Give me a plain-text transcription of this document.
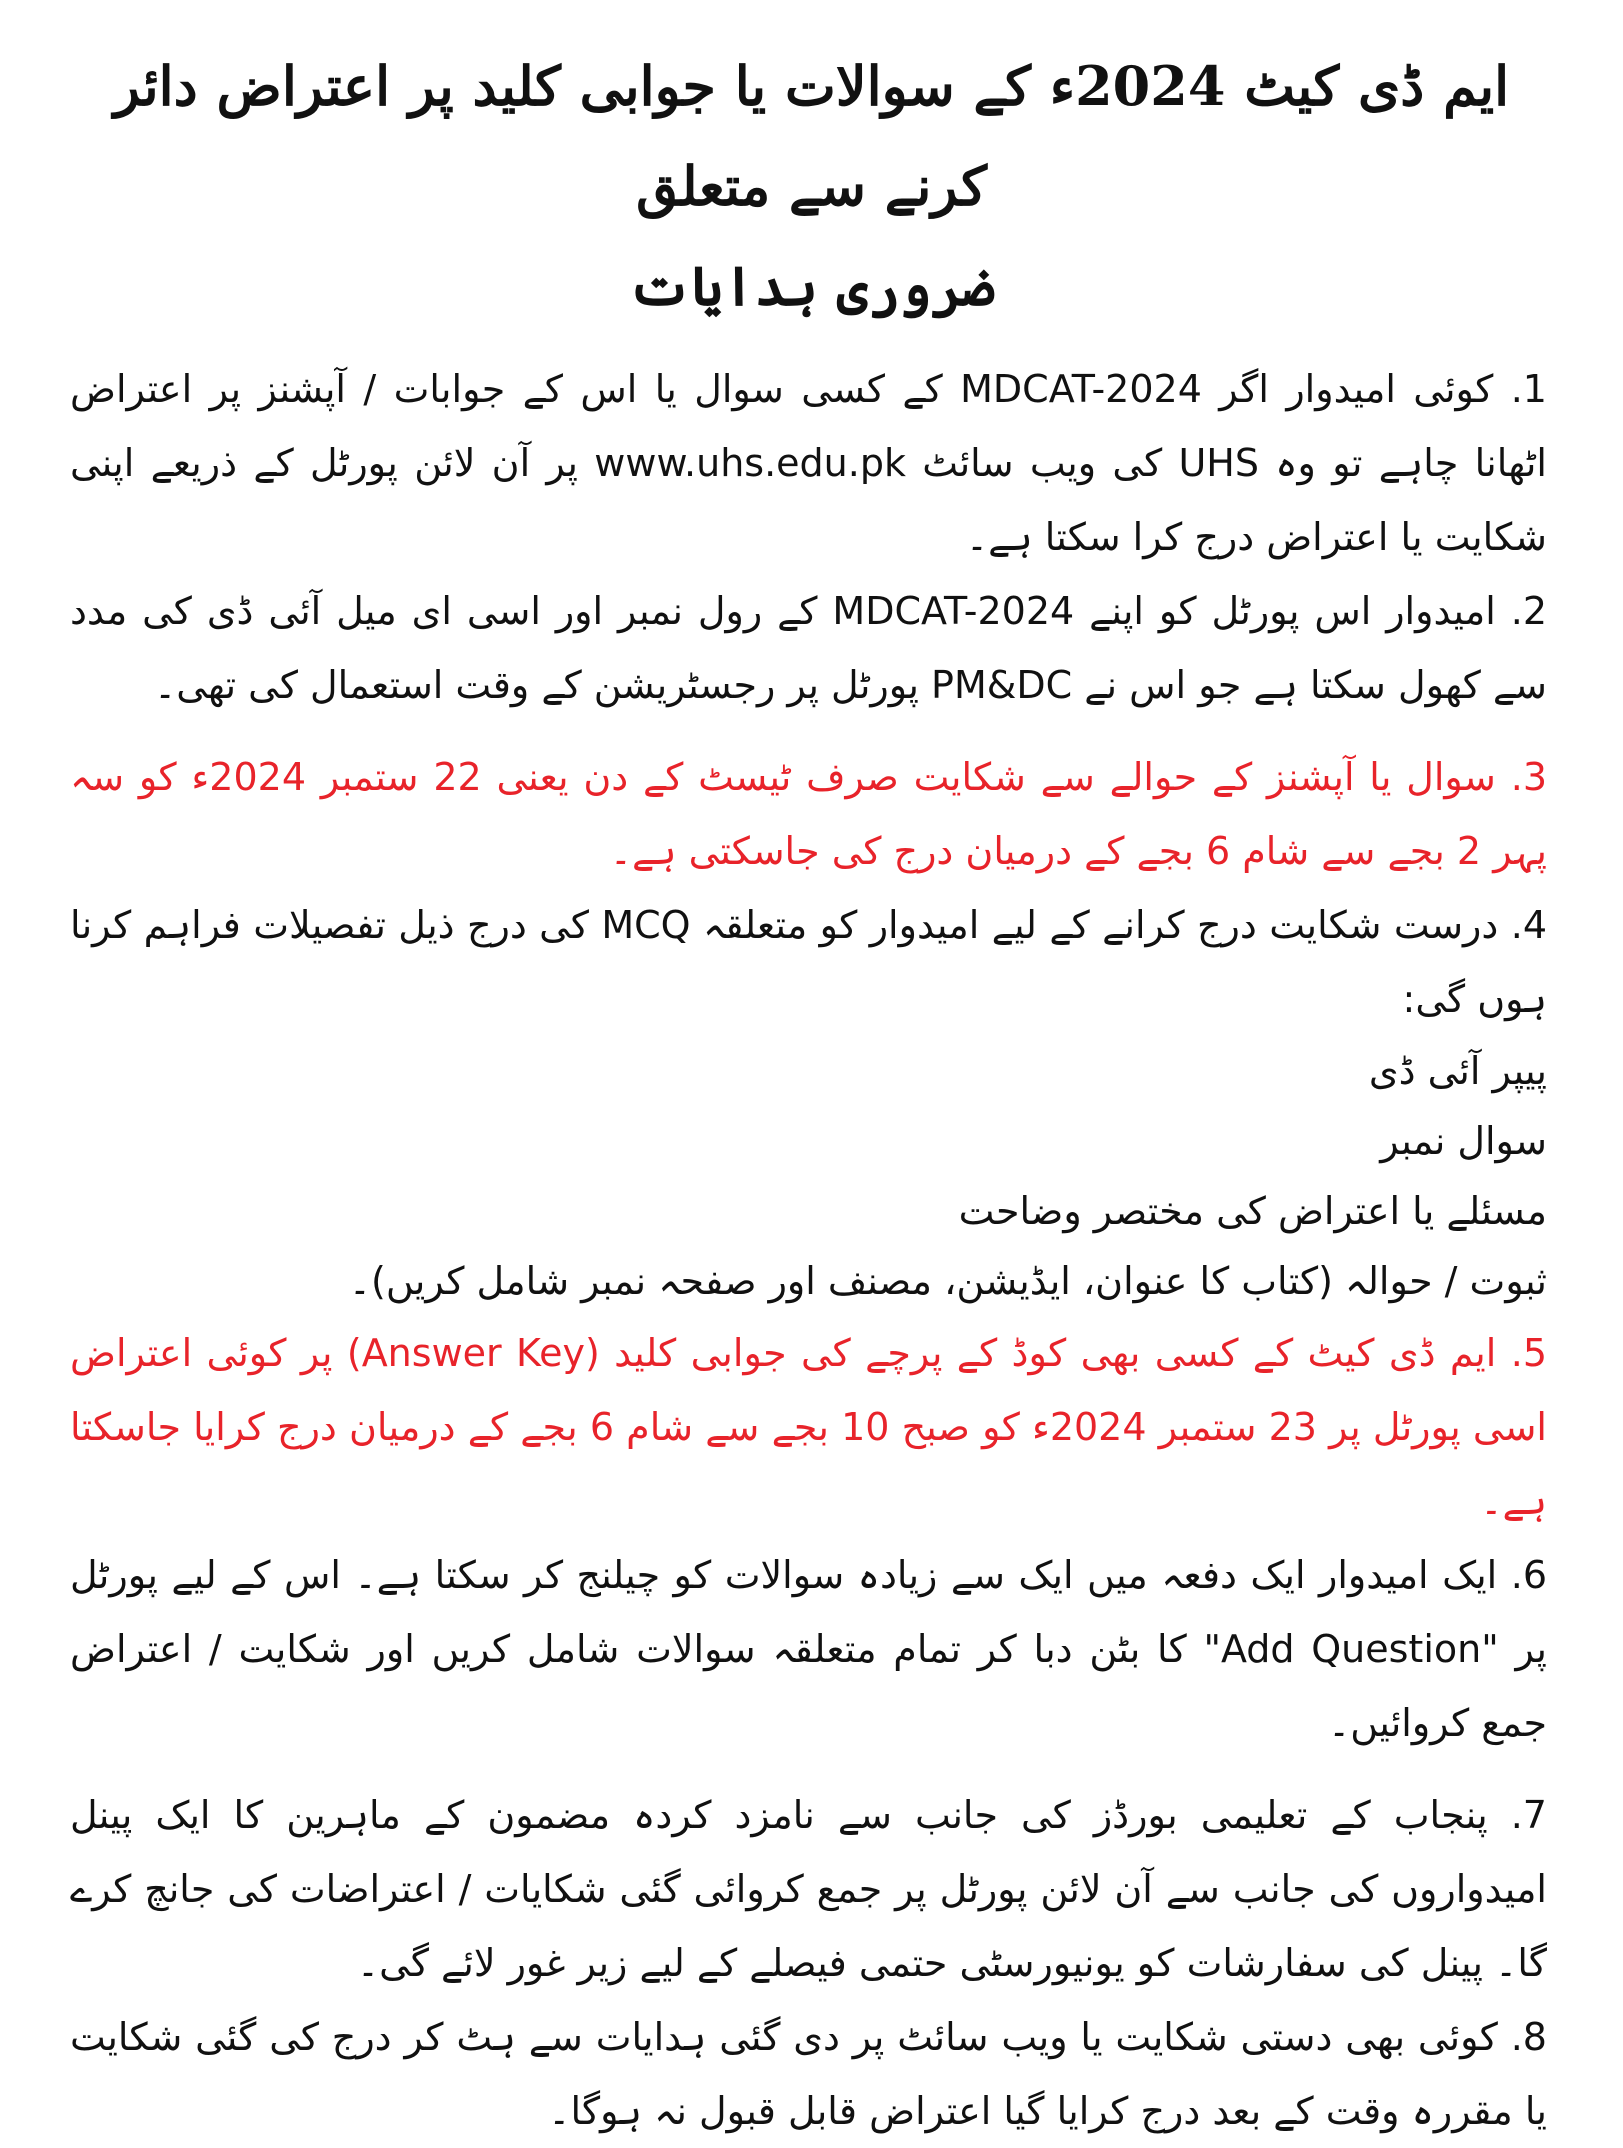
ایم ڈی کیٹ 2024ء کے سوالات یا جوابی کلید پر اعتراض دائر کرنے سے متعلق
ضروری ہدایات

1. کوئی امیدوار اگر MDCAT-2024 کے کسی سوال یا اس کے جوابات / آپشنز پر اعتراض اٹھانا چاہے تو وہ UHS کی ویب سائٹ www.uhs.edu.pk پر آن لائن پورٹل کے ذریعے اپنی شکایت یا اعتراض درج کرا سکتا ہے۔

2. امیدوار اس پورٹل کو اپنے MDCAT-2024 کے رول نمبر اور اسی ای میل آئی ڈی کی مدد سے کھول سکتا ہے جو اس نے PM&DC پورٹل پر رجسٹریشن کے وقت استعمال کی تھی۔

3. سوال یا آپشنز کے حوالے سے شکایت صرف ٹیسٹ کے دن یعنی 22 ستمبر 2024ء کو سہ پہر 2 بجے سے شام 6 بجے کے درمیان درج کی جاسکتی ہے۔

4. درست شکایت درج کرانے کے لیے امیدوار کو متعلقہ MCQ کی درج ذیل تفصیلات فراہم کرنا ہوں گی:

پیپر آئی ڈی
سوال نمبر
مسئلے یا اعتراض کی مختصر وضاحت
ثبوت / حوالہ (کتاب کا عنوان، ایڈیشن، مصنف اور صفحہ نمبر شامل کریں)۔

5. ایم ڈی کیٹ کے کسی بھی کوڈ کے پرچے کی جوابی کلید (Answer Key) پر کوئی اعتراض اسی پورٹل پر 23 ستمبر 2024ء کو صبح 10 بجے سے شام 6 بجے کے درمیان درج کرایا جاسکتا ہے۔

6. ایک امیدوار ایک دفعہ میں ایک سے زیادہ سوالات کو چیلنج کر سکتا ہے۔ اس کے لیے پورٹل پر "Add Question" کا بٹن دبا کر تمام متعلقہ سوالات شامل کریں اور شکایت / اعتراض جمع کروائیں۔

7. پنجاب کے تعلیمی بورڈز کی جانب سے نامزد کردہ مضمون کے ماہرین کا ایک پینل امیدواروں کی جانب سے آن لائن پورٹل پر جمع کروائی گئی شکایات / اعتراضات کی جانچ کرے گا۔ پینل کی سفارشات کو یونیورسٹی حتمی فیصلے کے لیے زیر غور لائے گی۔

8. کوئی بھی دستی شکایت یا ویب سائٹ پر دی گئی ہدایات سے ہٹ کر درج کی گئی شکایت یا مقررہ وقت کے بعد درج کرایا گیا اعتراض قابل قبول نہ ہوگا۔
